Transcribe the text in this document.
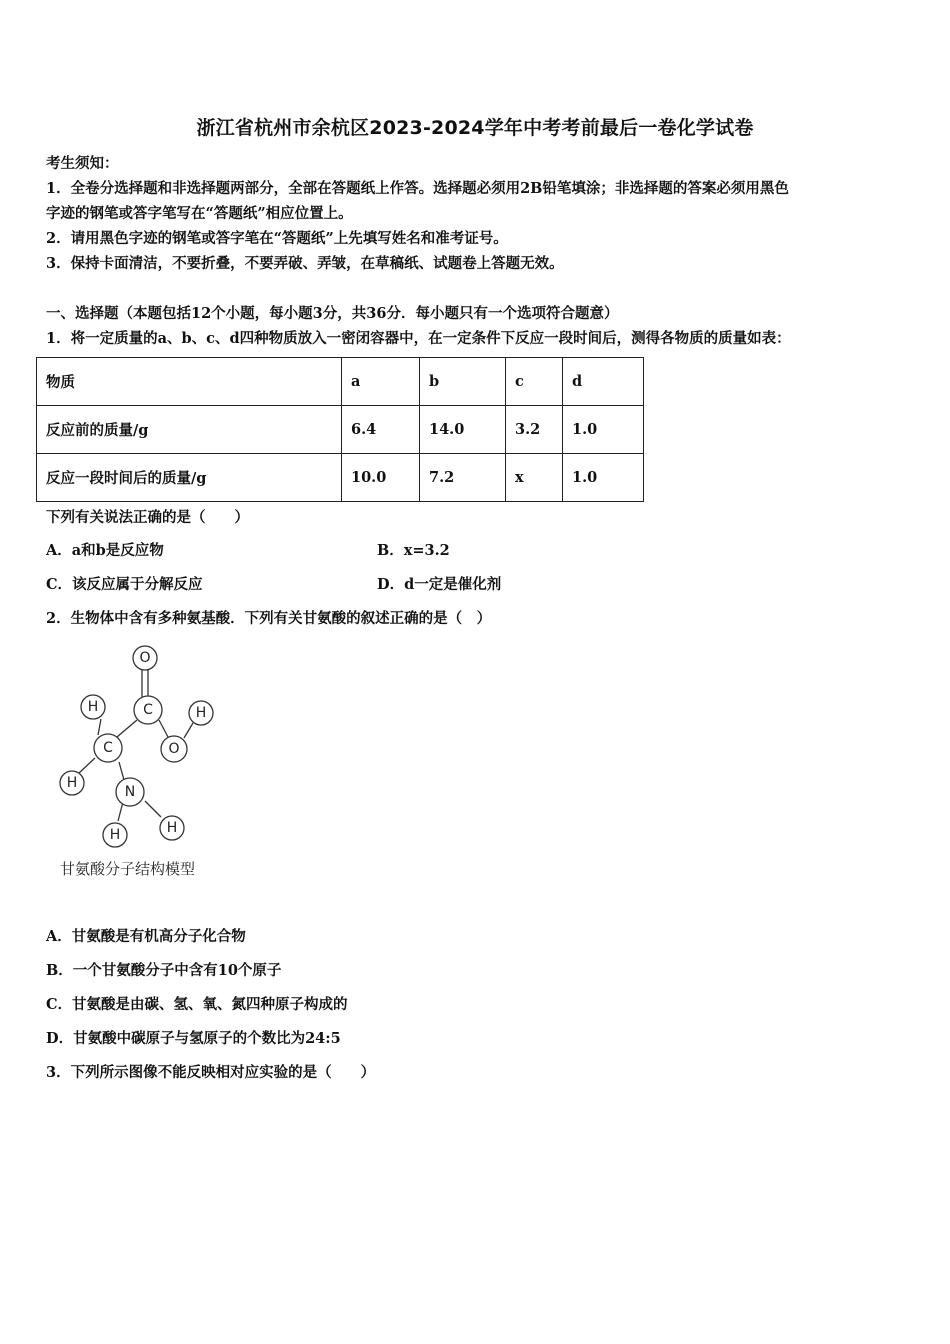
浙江省杭州市余杭区2023-2024学年中考考前最后一卷化学试卷
考生须知：
1．全卷分选择题和非选择题两部分，全部在答题纸上作答。选择题必须用2B铅笔填涂；非选择题的答案必须用黑色
字迹的钢笔或答字笔写在“答题纸”相应位置上。
2．请用黑色字迹的钢笔或答字笔在“答题纸”上先填写姓名和准考证号。
3．保持卡面清洁，不要折叠，不要弄破、弄皱，在草稿纸、试题卷上答题无效。
一、选择题（本题包括12个小题，每小题3分，共36分．每小题只有一个选项符合题意）
1．将一定质量的a、b、c、d四种物质放入一密闭容器中，在一定条件下反应一段时间后，测得各物质的质量如表：
物质	a	b	c	d
反应前的质量/g	6.4	14.0	3.2	1.0
反应一段时间后的质量/g	10.0	7.2	x	1.0
下列有关说法正确的是（　　）
A．a和b是反应物	B．x=3.2
C．该反应属于分解反应	D．d一定是催化剂
2．生物体中含有多种氨基酸．下列有关甘氨酸的叙述正确的是（　）
O
C
H	H
C	O
H
N
H
H
甘氨酸分子结构模型
A．甘氨酸是有机高分子化合物
B．一个甘氨酸分子中含有10个原子
C．甘氨酸是由碳、氢、氧、氮四种原子构成的
D．甘氨酸中碳原子与氢原子的个数比为24:5
3．下列所示图像不能反映相对应实验的是（　　）
